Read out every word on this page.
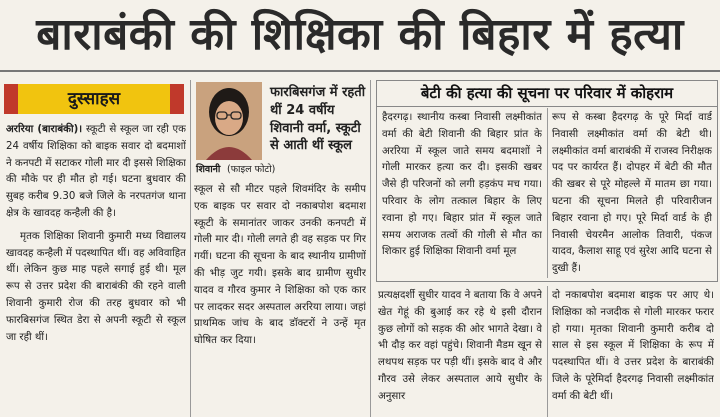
बाराबंकी की शिक्षिका की बिहार में हत्या
दुस्साहस

अररिया (बाराबंकी)। स्कूटी से स्कूल जा रही एक 24 वर्षीय शिक्षिका को बाइक सवार दो बदमाशों ने कनपटी में सटाकर गोली मार दी इससे शिक्षिका की मौके पर ही मौत हो गई। घटना बुधवार की सुबह करीब 9.30 बजे जिले के नरपतगंज थाना क्षेत्र के खावदह कन्हैली की है।

मृतक शिक्षिका शिवानी कुमारी मध्य विद्यालय खावदह कन्हैली में पदस्थापित थीं। वह अविवाहित थीं। लेकिन कुछ माह पहले सगाई हुई थी। मूल रूप से उत्तर प्रदेश की बाराबंकी की रहने वाली शिवानी कुमारी रोज की तरह बुधवार को भी फारबिसगंज स्थित डेरा से अपनी स्कूटी से स्कूल जा रही थीं।

शिवानी (फाइल फोटो)
फारबिसगंज में रहती थीं 24 वर्षीय शिवानी वर्मा, स्कूटी से आती थीं स्कूल

स्कूल से सौ मीटर पहले शिवमंदिर के समीप एक बाइक पर सवार दो नकाबपोश बदमाश स्कूटी के समानांतर जाकर उनकी कनपटी में गोली मार दी। गोली लगते ही वह सड़क पर गिर गयीं। घटना की सूचना के बाद स्थानीय ग्रामीणों की भीड़ जुट गयी। इसके बाद ग्रामीण सुधीर यादव व गौरव कुमार ने शिक्षिका को एक कार पर लादकर सदर अस्पताल अररिया लाया। जहां प्राथमिक जांच के बाद डॉक्टरों ने उन्हें मृत घोषित कर दिया।

बेटी की हत्या की सूचना पर परिवार में कोहराम

हैदरगढ़। स्थानीय कस्बा निवासी लक्ष्मीकांत वर्मा की बेटी शिवानी की बिहार प्रांत के अररिया में स्कूल जाते समय बदमाशों ने गोली मारकर हत्या कर दी। इसकी खबर जैसे ही परिजनों को लगी हड़कंप मच गया। परिवार के लोग तत्काल बिहार के लिए रवाना हो गए। बिहार प्रांत में स्कूल जाते समय अराजक तत्वों की गोली से मौत का शिकार हुई शिक्षिका शिवानी वर्मा मूल

रूप से कस्बा हैदरगढ़ के पूरे मिर्दा वार्ड निवासी लक्ष्मीकांत वर्मा की बेटी थी। लक्ष्मीकांत वर्मा बाराबंकी में राजस्व निरीक्षक पद पर कार्यरत हैं। दोपहर में बेटी की मौत की खबर से पूरे मोहल्ले में मातम छा गया। घटना की सूचना मिलते ही परिवारीजन बिहार रवाना हो गए। पूरे मिर्दा वार्ड के ही निवासी चेयरमैन आलोक तिवारी, पंकज यादव, कैलाश साहू एवं सुरेश आदि घटना से दुखी हैं।

प्रत्यक्षदर्शी सुधीर यादव ने बताया कि वे अपने खेत गेहूं की बुआई कर रहे थे इसी दौरान कुछ लोगों को सड़क की ओर भागते देखा। वे भी दौड़ कर वहां पहुंचे। शिवानी मैडम खून से लथपथ सड़क पर पड़ी थीं। इसके बाद वे और गौरव उसे लेकर अस्पताल आये सुधीर के अनुसार

दो नकाबपोश बदमाश बाइक पर आए थे। शिक्षिका को नजदीक से गोली मारकर फरार हो गया। मृतका शिवानी कुमारी करीब दो साल से इस स्कूल में शिक्षिका के रूप में पदस्थापित थीं। वे उत्तर प्रदेश के बाराबंकी जिले के पूरेमिर्दा हैदरगढ़ निवासी लक्ष्मीकांत वर्मा की बेटी थीं।
